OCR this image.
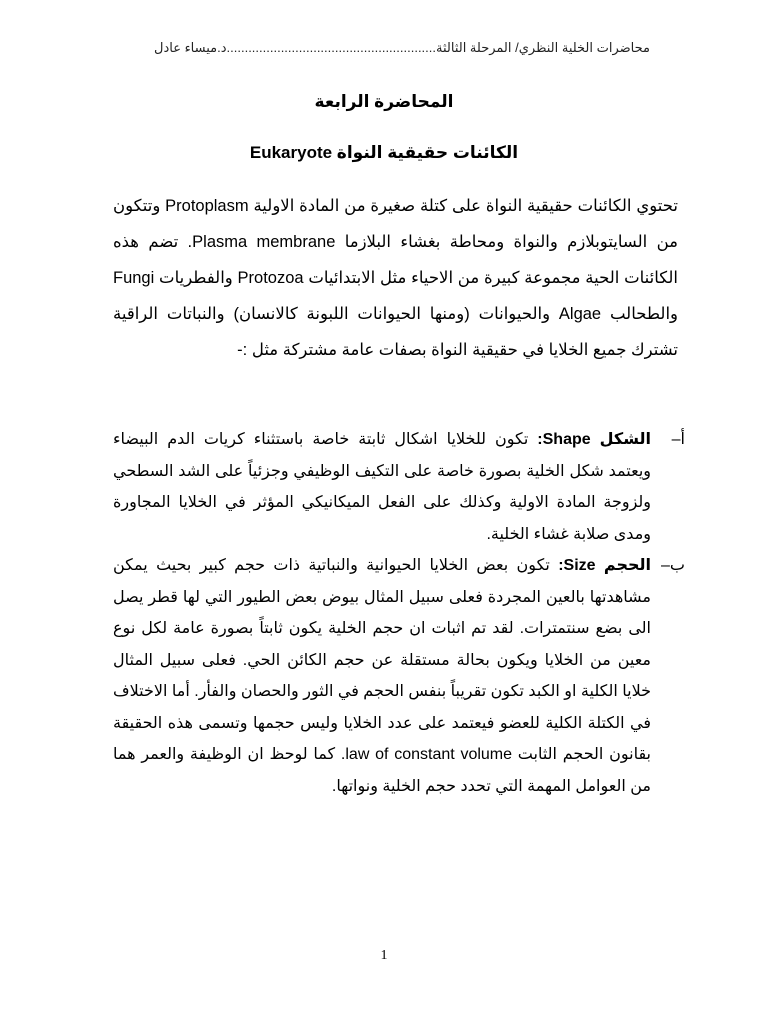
محاضرات الخلية النظري/ المرحلة الثالثة..........................................................د.ميساء عادل
المحاضرة الرابعة
الكائنات حقيقية النواة Eukaryote

تحتوي الكائنات حقيقية النواة على كتلة صغيرة من المادة الاولية Protoplasm وتتكون من السايتوبلازم والنواة ومحاطة بغشاء البلازما Plasma membrane. تضم هذه الكائنات الحية مجموعة كبيرة من الاحياء مثل الابتدائيات Protozoa والفطريات Fungi والطحالب Algae والحيوانات (ومنها الحيوانات اللبونة كالانسان) والنباتات الراقية تشترك جميع الخلايا في حقيقية النواة بصفات عامة مشتركة مثل :-

أ–
الشكل Shape: تكون للخلايا اشكال ثابتة خاصة باستثناء كريات الدم البيضاء ويعتمد شكل الخلية بصورة خاصة على التكيف الوظيفي وجزئياً على الشد السطحي ولزوجة المادة الاولية وكذلك على الفعل الميكانيكي المؤثر في الخلايا المجاورة ومدى صلابة غشاء الخلية.
ب–
الحجم Size: تكون بعض الخلايا الحيوانية والنباتية ذات حجم كبير بحيث يمكن مشاهدتها بالعين المجردة فعلى سبيل المثال بيوض بعض الطيور التي لها قطر يصل الى بضع سنتمترات. لقد تم اثبات ان حجم الخلية يكون ثابتاً بصورة عامة لكل نوع معين من الخلايا ويكون بحالة مستقلة عن حجم الكائن الحي. فعلى سبيل المثال خلايا الكلية او الكبد تكون تقريباً بنفس الحجم في الثور والحصان والفأر. أما الاختلاف في الكتلة الكلية للعضو فيعتمد على عدد الخلايا وليس حجمها وتسمى هذه الحقيقة بقانون الحجم الثابت law of constant volume. كما لوحظ ان الوظيفة والعمر هما من العوامل المهمة التي تحدد حجم الخلية ونواتها.
1
